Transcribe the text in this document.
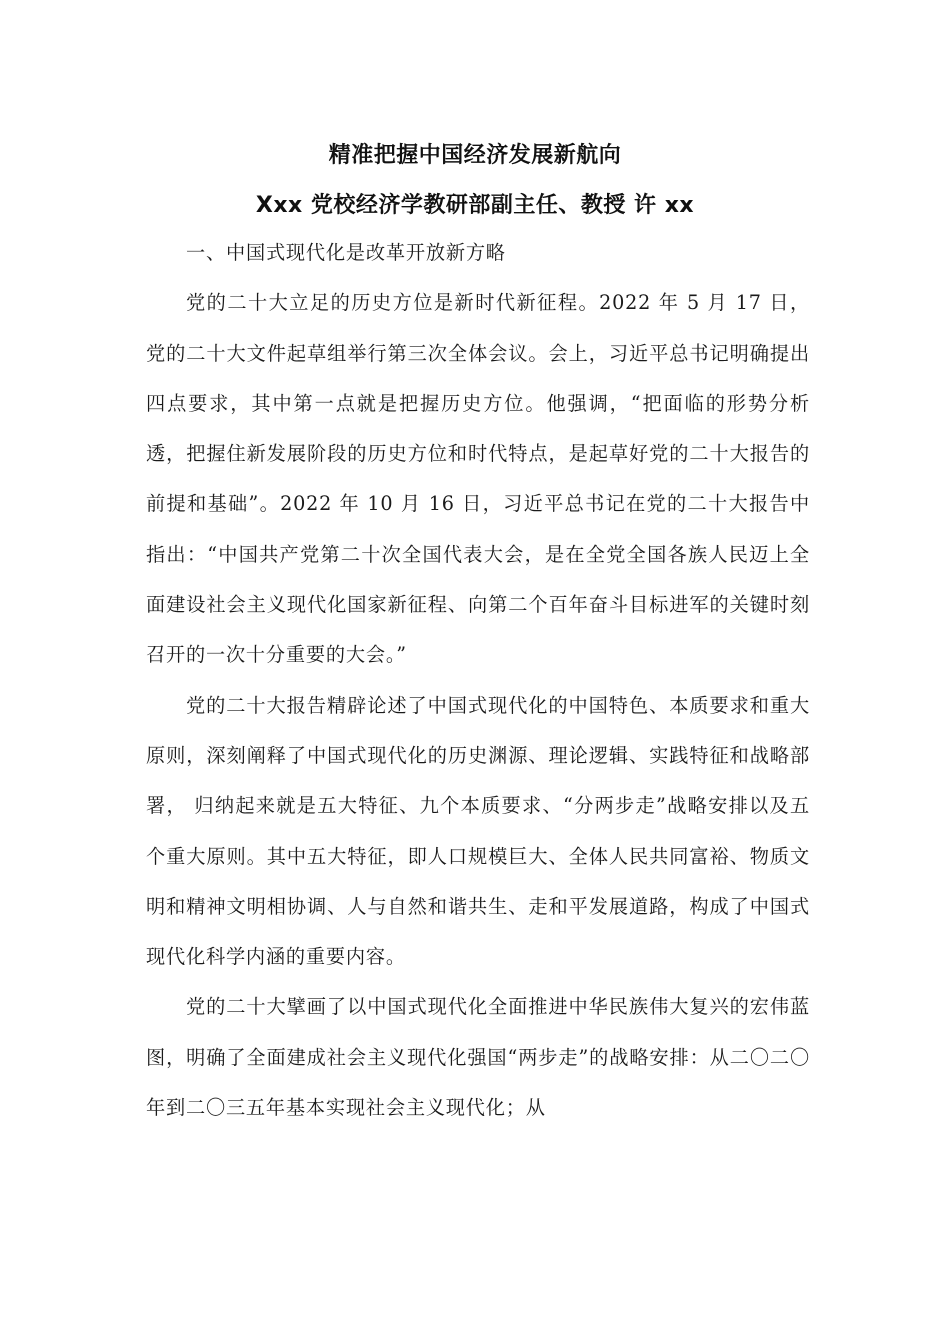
精准把握中国经济发展新航向
Xxx 党校经济学教研部副主任、教授 许 xx

一、中国式现代化是改革开放新方略

党的二十大立足的历史方位是新时代新征程。2022 年 5 月 17 日，党的二十大文件起草组举行第三次全体会议。会上，习近平总书记明确提出四点要求，其中第一点就是把握历史方位。他强调，“把面临的形势分析透，把握住新发展阶段的历史方位和时代特点，是起草好党的二十大报告的前提和基础”。2022 年 10 月 16 日，习近平总书记在党的二十大报告中指出：“中国共产党第二十次全国代表大会，是在全党全国各族人民迈上全面建设社会主义现代化国家新征程、向第二个百年奋斗目标进军的关键时刻召开的一次十分重要的大会。”

党的二十大报告精辟论述了中国式现代化的中国特色、本质要求和重大原则，深刻阐释了中国式现代化的历史渊源、理论逻辑、实践特征和战略部署， 归纳起来就是五大特征、九个本质要求、“分两步走”战略安排以及五个重大原则。其中五大特征，即人口规模巨大、全体人民共同富裕、物质文明和精神文明相协调、人与自然和谐共生、走和平发展道路，构成了中国式现代化科学内涵的重要内容。

党的二十大擘画了以中国式现代化全面推进中华民族伟大复兴的宏伟蓝 图，明确了全面建成社会主义现代化强国“两步走”的战略安排：从二〇二〇年到二〇三五年基本实现社会主义现代化；从
